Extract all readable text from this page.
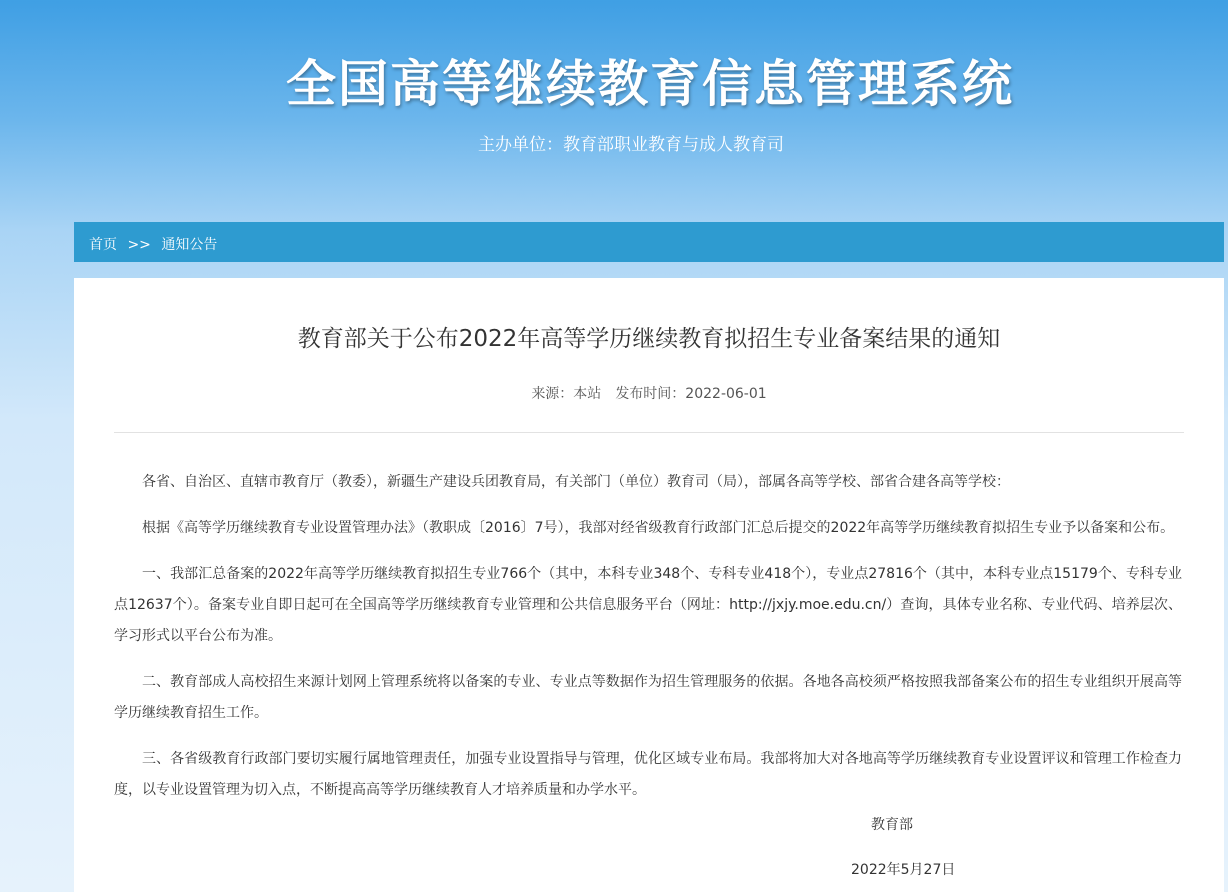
全国高等继续教育信息管理系统
主办单位：教育部职业教育与成人教育司
首页 >> 通知公告
教育部关于公布2022年高等学历继续教育拟招生专业备案结果的通知
来源：本站 发布时间：2022-06-01

各省、自治区、直辖市教育厅（教委），新疆生产建设兵团教育局，有关部门（单位）教育司（局），部属各高等学校、部省合建各高等学校：

根据《高等学历继续教育专业设置管理办法》（教职成〔2016〕7号），我部对经省级教育行政部门汇总后提交的2022年高等学历继续教育拟招生专业予以备案和公布。

一、我部汇总备案的2022年高等学历继续教育拟招生专业766个（其中，本科专业348个、专科专业418个），专业点27816个（其中，本科专业点15179个、专科专业点12637个）。备案专业自即日起可在全国高等学历继续教育专业管理和公共信息服务平台（网址：http://jxjy.moe.edu.cn/）查询，具体专业名称、专业代码、培养层次、学习形式以平台公布为准。

二、教育部成人高校招生来源计划网上管理系统将以备案的专业、专业点等数据作为招生管理服务的依据。各地各高校须严格按照我部备案公布的招生专业组织开展高等学历继续教育招生工作。

三、各省级教育行政部门要切实履行属地管理责任，加强专业设置指导与管理，优化区域专业布局。我部将加大对各地高等学历继续教育专业设置评议和管理工作检查力度，以专业设置管理为切入点，不断提高高等学历继续教育人才培养质量和办学水平。

教育部
2022年5月27日
